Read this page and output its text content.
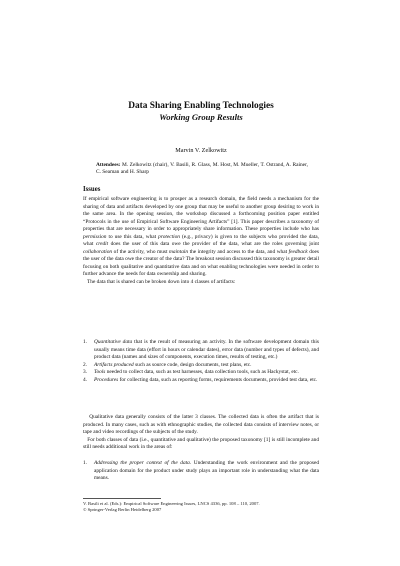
Data Sharing Enabling Technologies
Working Group Results
Marvin V. Zelkowitz
Attendees: M. Zelkowitz (chair), V. Basili, R. Glass, M. Host, M. Mueller, T. Ostrand, A. Rainer, C. Seaman and H. Sharp
Issues
If empirical software engineering is to prosper as a research domain, the field needs a mechanism for the sharing of data and artifacts developed by one group that may be useful to another group desiring to work in the same area. In the opening session, the workshop discussed a forthcoming position paper entitled “Protocols in the use of Empirical Software Engineering Artifacts” [1]. This paper describes a taxonomy of properties that are necessary in order to appropriately share information. These properties include who has permission to use this data, what protection (e.g., privacy) is given to the subjects who provided the data, what credit does the user of this data owe the provider of the data, what are the roles governing joint collaboration of the activity, who must maintain the integrity and access to the data, and what feedback does the user of the data owe the creator of the data? The breakout session discussed this taxonomy is greater detail focusing on both qualitative and quantitative data and on what enabling technologies were needed in order to further advance the needs for data ownership and sharing.
The data that is shared can be broken down into 4 classes of artifacts:
1. Quantitative data that is the result of measuring an activity. In the software development domain this usually means time data (effort in hours or calendar dates), error data (number and types of defects), and product data (names and sizes of components, execution times, results of testing, etc.)
2. Artifacts produced such as source code, design documents, test plans, etc.
3. Tools needed to collect data, such as test harnesses, data collection tools, such as Hackystat, etc.
4. Procedures for collecting data, such as reporting forms, requirements documents, provided test data, etc.
Qualitative data generally consists of the latter 3 classes. The collected data is often the artifact that is produced. In many cases, such as with ethnographic studies, the collected data consists of interview notes, or tape and video recordings of the subjects of the study.
For both classes of data (i.e., quantitative and qualitative) the proposed taxonomy [1] is still incomplete and still needs additional work in the areas of:
1. Addressing the proper context of the data. Understanding the work environment and the proposed application domain for the product under study plays an important role in understanding what the data means.
V. Basili et al. (Eds.): Empirical Software Engineering Issues, LNCS 4336, pp. 108 – 110, 2007.
© Springer-Verlag Berlin Heidelberg 2007
